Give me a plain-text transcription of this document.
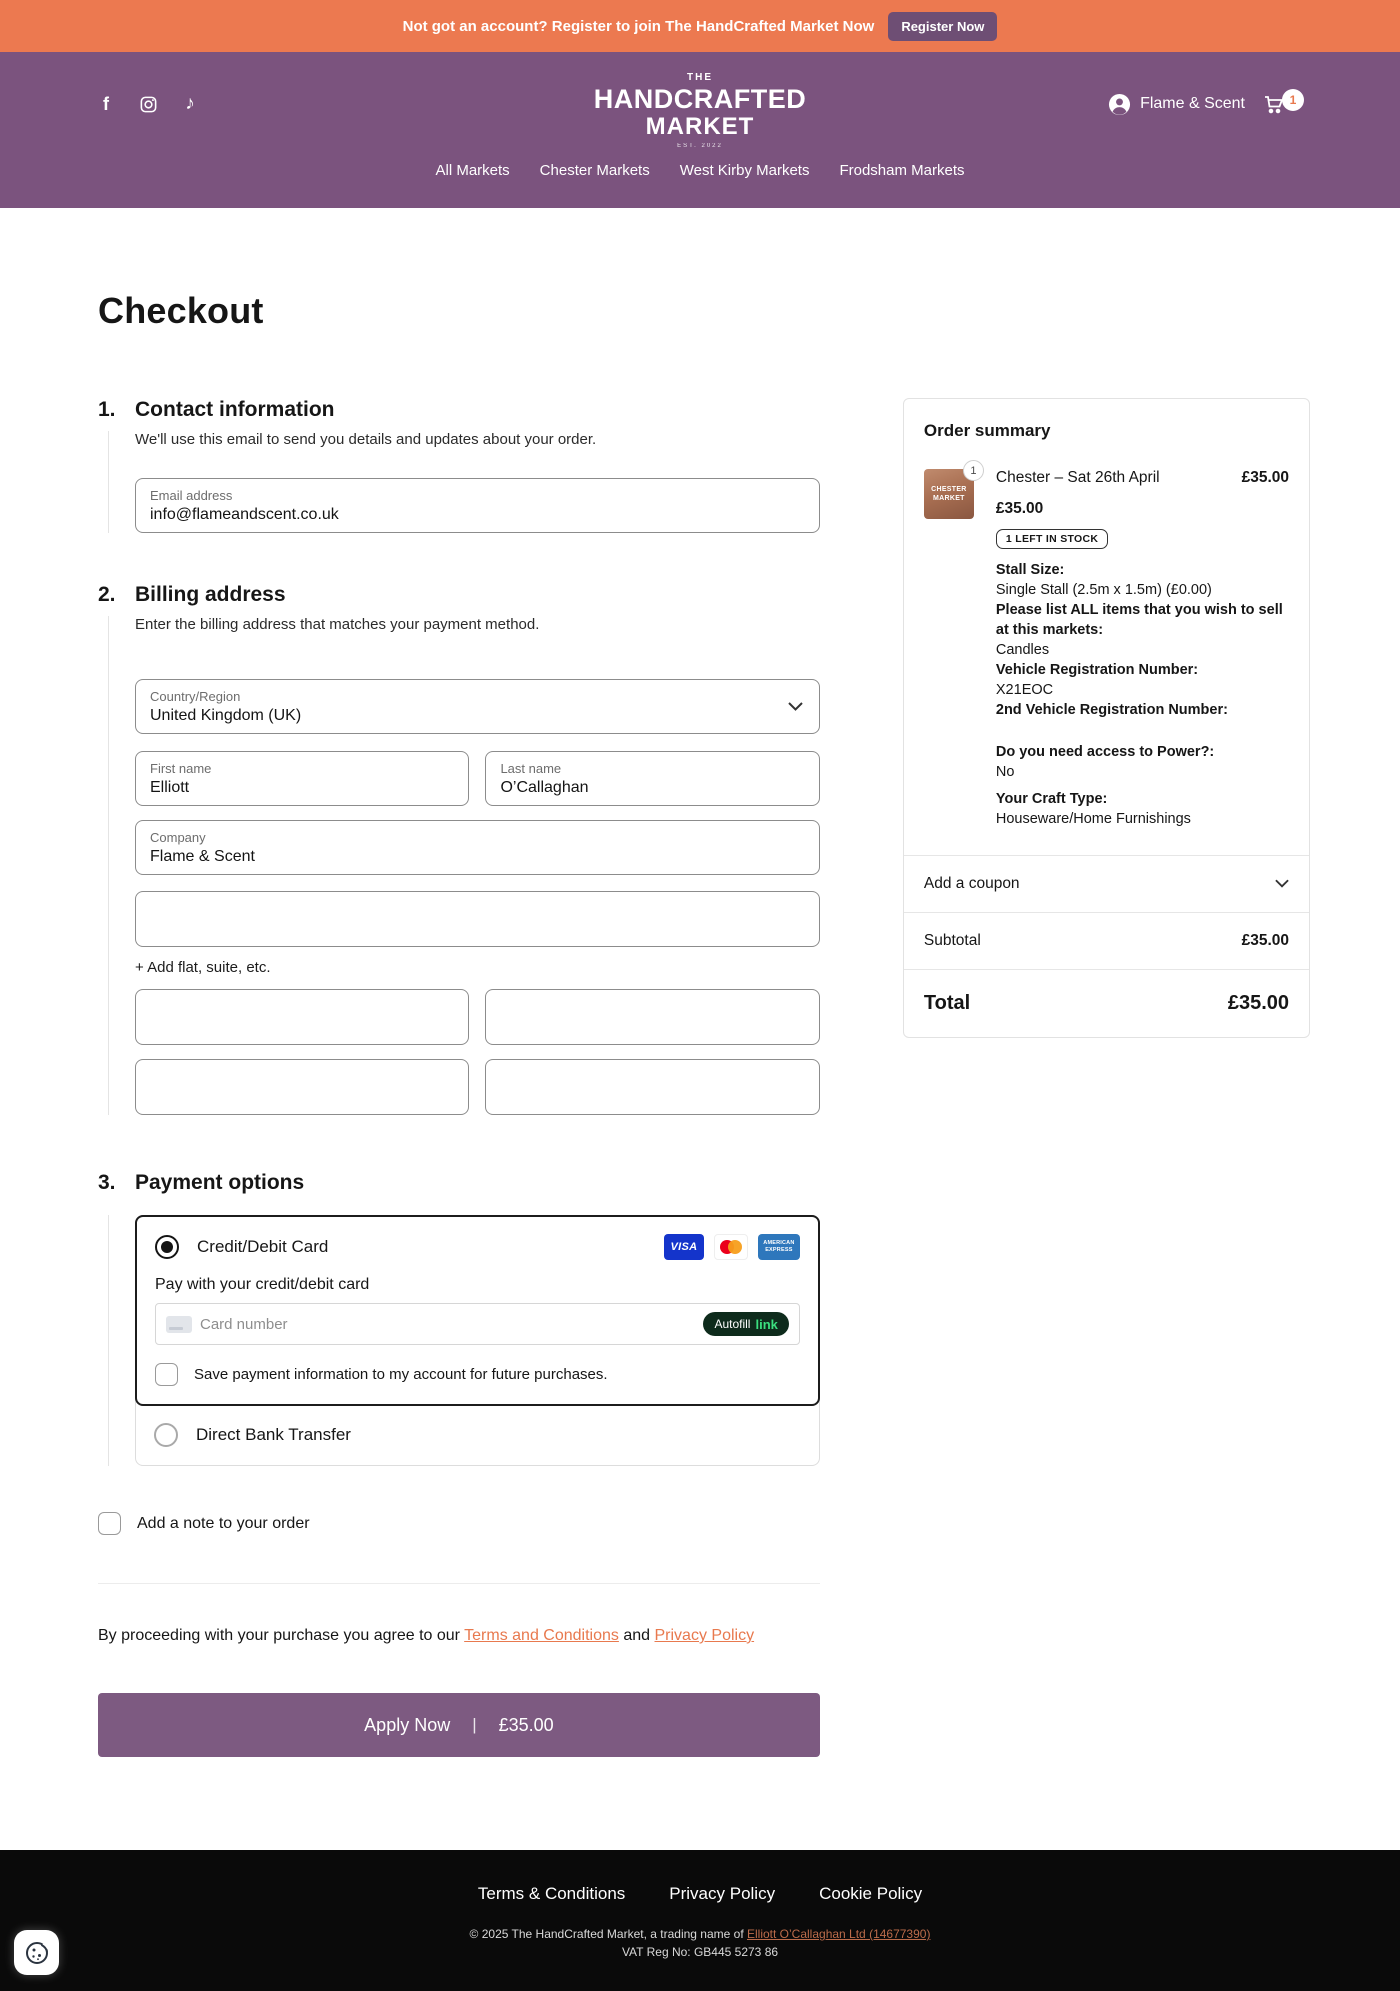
Not got an account? Register to join The HandCrafted Market Now	Register Now
f	♪
THE
HANDCRAFTED
MARKET
EST. 2022
Flame & Scent	1
All Markets Chester Markets West Kirby Markets Frodsham Markets
Checkout
1. Contact information
We'll use this email to send you details and updates about your order.
Email address
info@flameandscent.co.uk
2. Billing address
Enter the billing address that matches your payment method.
Country/Region
United Kingdom (UK)
First name
Elliott	Last name
O’Callaghan
Company
Flame & Scent
+ Add flat, suite, etc.
3. Payment options
Credit/Debit Card	VISA	AMERICAN
EXPRESS
Pay with your credit/debit card
Card number
Autofill link
Save payment information to my account for future purchases.
Direct Bank Transfer
Add a note to your order
By proceeding with your purchase you agree to our Terms and Conditions and Privacy Policy
Apply Now | £35.00
Order summary
CHESTER
MARKET
1	Chester – Sat 26th April	£35.00
£35.00
1 LEFT IN STOCK
Stall Size:
Single Stall (2.5m x 1.5m) (£0.00)
Please list ALL items that you wish to sell at this markets:
Candles
Vehicle Registration Number:
X21EOC
2nd Vehicle Registration Number:
Do you need access to Power?:
No
Your Craft Type:
Houseware/Home Furnishings
Add a coupon
Subtotal	£35.00
Total	£35.00
Terms & Conditions	Privacy Policy	Cookie Policy
© 2025 The HandCrafted Market, a trading name of Elliott O’Callaghan Ltd (14677390)
VAT Reg No: GB445 5273 86
